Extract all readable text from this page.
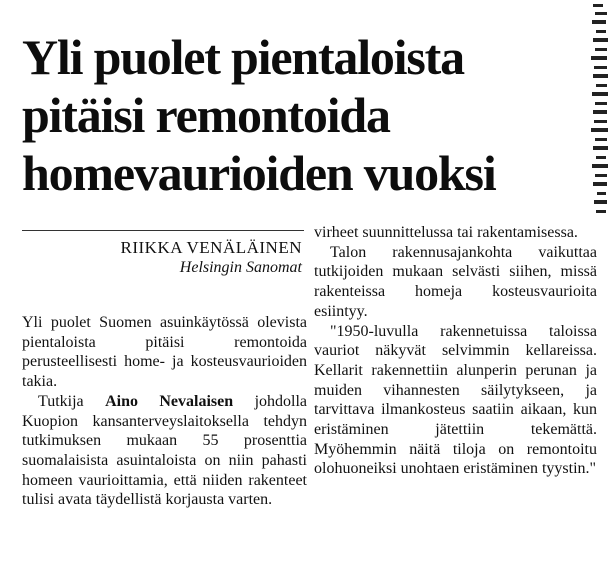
Yli puolet pientaloista
pitäisi remontoida
homevaurioiden vuoksi
RIIKKA VENÄLÄINEN
Helsingin Sanomat

Yli puolet Suomen asuinkäytössä olevista pientaloista pitäisi remontoida perusteellisesti home- ja kosteusvaurioiden takia.

Tutkija Aino Nevalaisen johdolla Kuopion kansanterveyslaitoksella tehdyn tutkimuksen mukaan 55 prosenttia suomalaisista asuintaloista on niin pahasti homeen vaurioittamia, että niiden rakenteet tulisi avata täydellistä korjausta varten.

virheet suunnittelussa tai rakentamisessa.

Talon rakennusajankohta vaikuttaa tutkijoiden mukaan selvästi siihen, missä rakenteissa homeja kosteusvaurioita esiintyy.

"1950-luvulla rakennetuissa taloissa vauriot näkyvät selvimmin kellareissa. Kellarit rakennettiin alunperin perunan ja muiden vihannesten säilytykseen, ja tarvittava ilmankosteus saatiin aikaan, kun eristäminen jätettiin tekemättä. Myöhemmin näitä tiloja on remontoitu olohuoneiksi unohtaen eristäminen tyystin."
